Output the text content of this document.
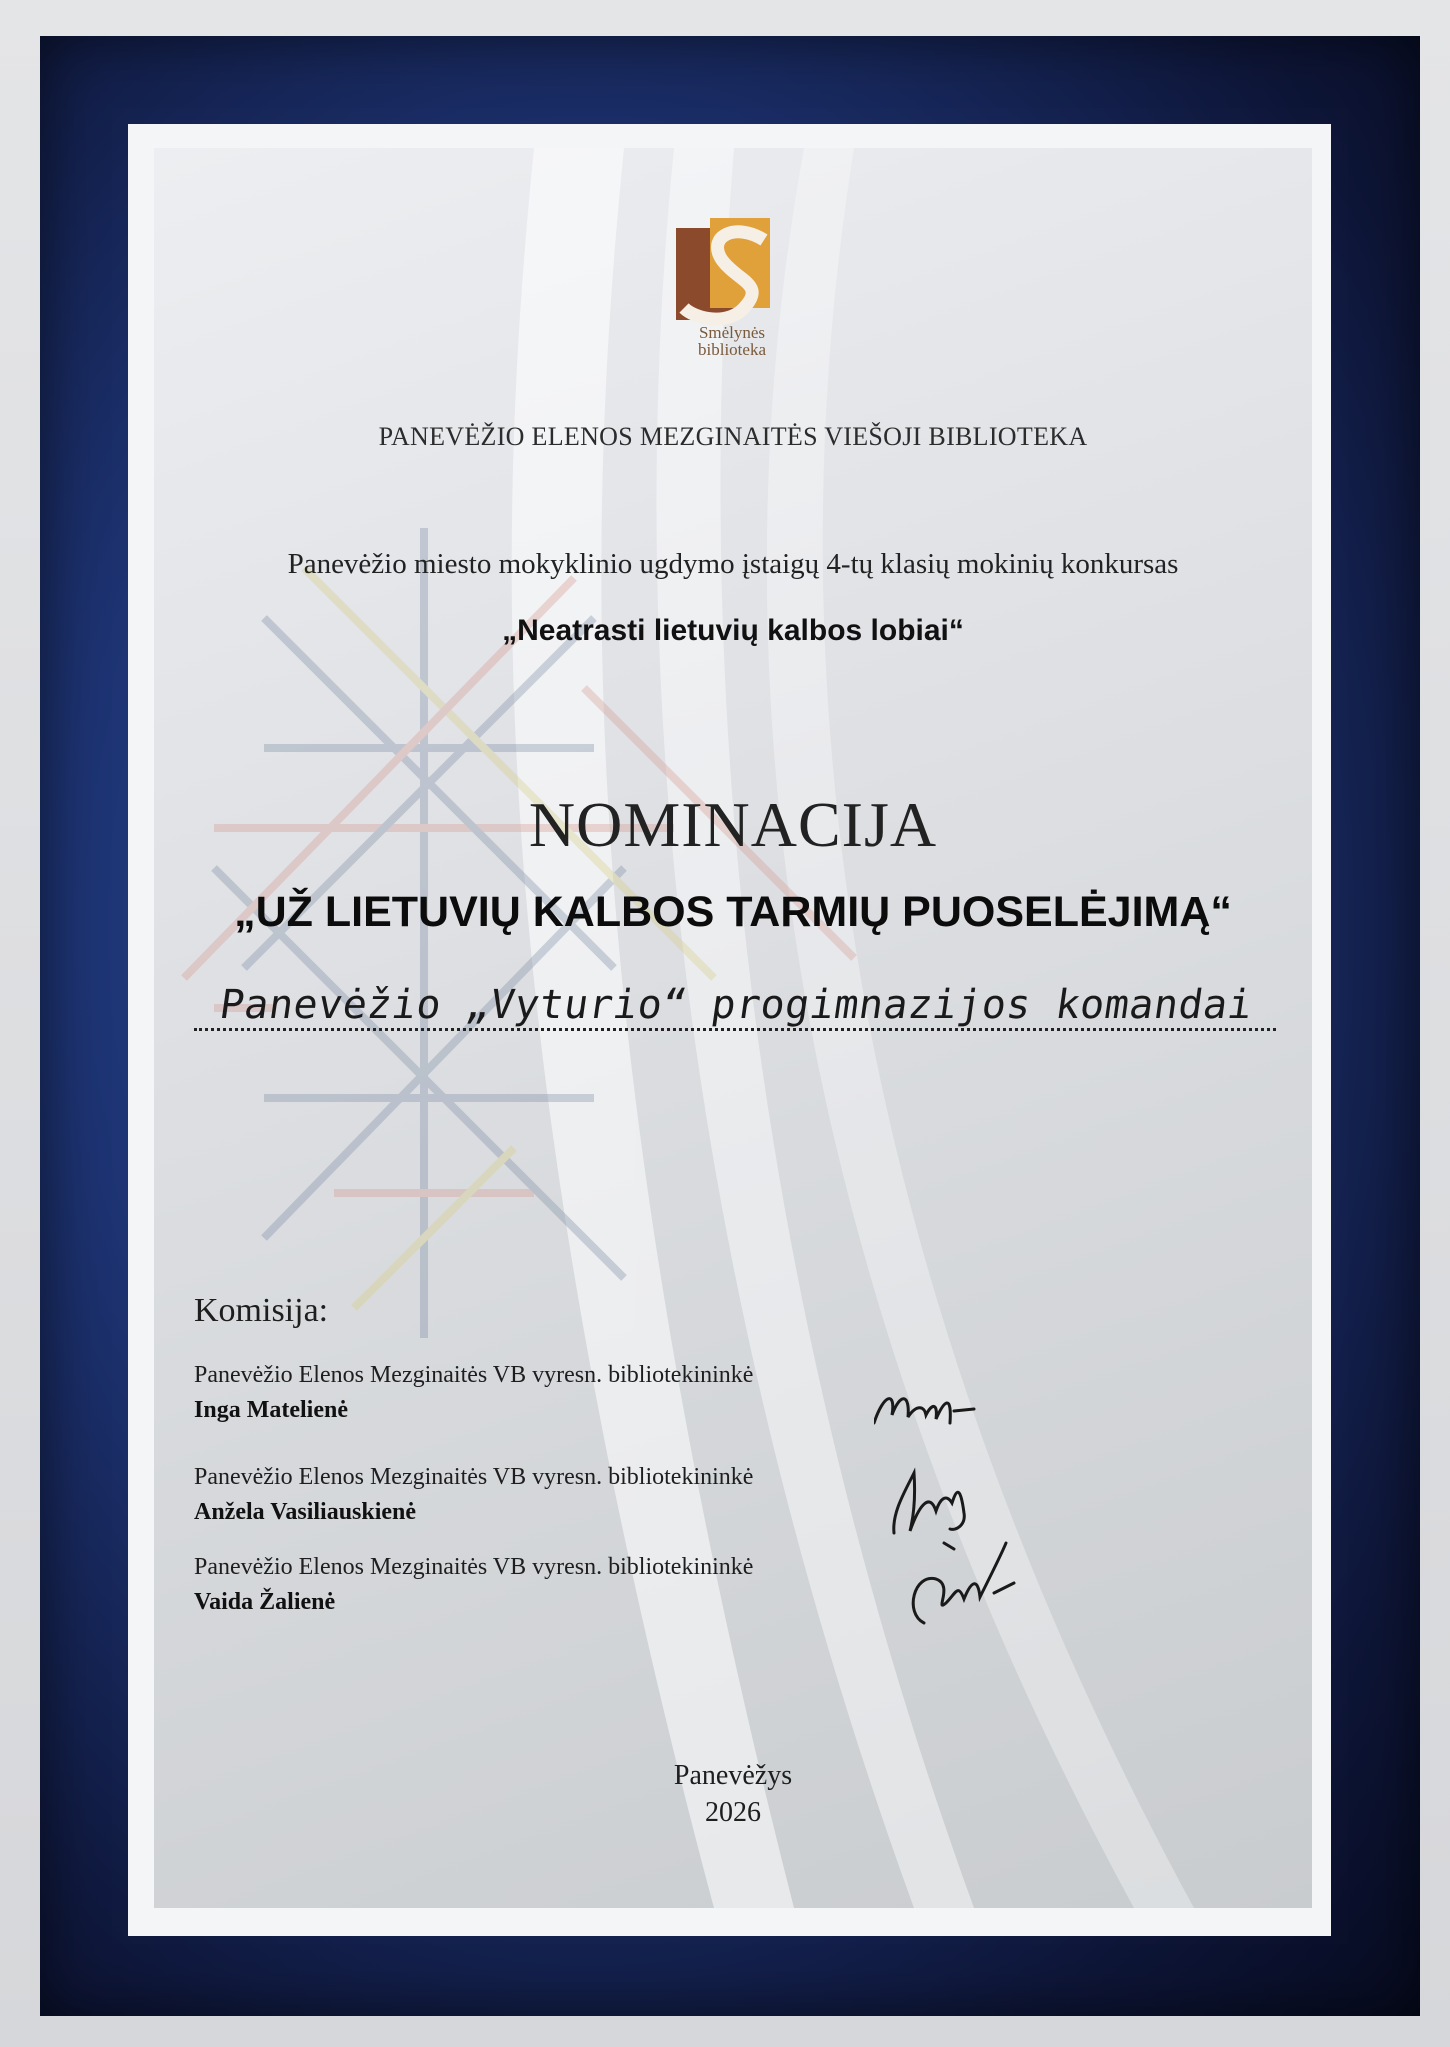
Smėlynės
biblioteka
PANEVĖŽIO ELENOS MEZGINAITĖS VIEŠOJI BIBLIOTEKA
Panevėžio miesto mokyklinio ugdymo įstaigų 4-tų klasių mokinių konkursas
„Neatrasti lietuvių kalbos lobiai“
NOMINACIJA
„UŽ LIETUVIŲ KALBOS TARMIŲ PUOSELĖJIMĄ“
Panevėžio „Vyturio“ progimnazijos komandai
Komisija:
Panevėžio Elenos Mezginaitės VB vyresn. bibliotekininkė
Inga Matelienė
Panevėžio Elenos Mezginaitės VB vyresn. bibliotekininkė
Anžela Vasiliauskienė
Panevėžio Elenos Mezginaitės VB vyresn. bibliotekininkė
Vaida Žalienė
Panevėžys
2026
